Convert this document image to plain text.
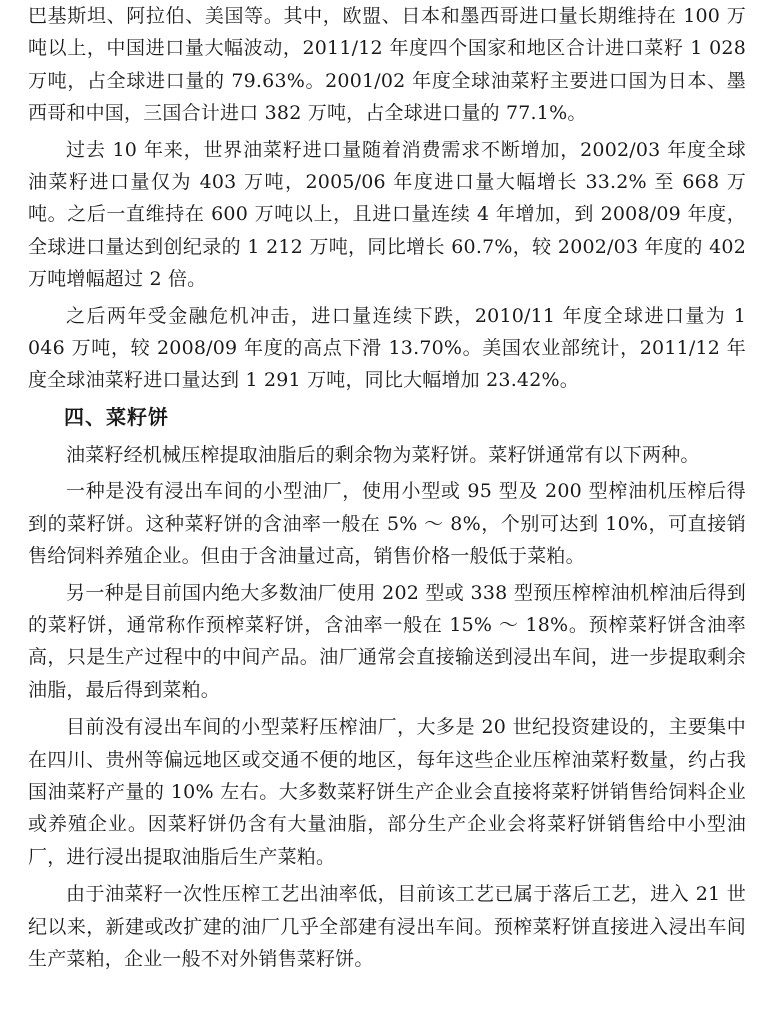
巴基斯坦、阿拉伯、美国等。其中，欧盟、日本和墨西哥进口量长期维持在 100 万吨以上，中国进口量大幅波动，2011/12 年度四个国家和地区合计进口菜籽 1 028 万吨，占全球进口量的 79.63%。2001/02 年度全球油菜籽主要进口国为日本、墨西哥和中国，三国合计进口 382 万吨，占全球进口量的 77.1%。

过去 10 年来，世界油菜籽进口量随着消费需求不断增加，2002/03 年度全球油菜籽进口量仅为 403 万吨，2005/06 年度进口量大幅增长 33.2% 至 668 万吨。之后一直维持在 600 万吨以上，且进口量连续 4 年增加，到 2008/09 年度，全球进口量达到创纪录的 1 212 万吨，同比增长 60.7%，较 2002/03 年度的 402 万吨增幅超过 2 倍。

之后两年受金融危机冲击，进口量连续下跌，2010/11 年度全球进口量为 1 046 万吨，较 2008/09 年度的高点下滑 13.70%。美国农业部统计，2011/12 年度全球油菜籽进口量达到 1 291 万吨，同比大幅增加 23.42%。

四、菜籽饼

油菜籽经机械压榨提取油脂后的剩余物为菜籽饼。菜籽饼通常有以下两种。

一种是没有浸出车间的小型油厂，使用小型或 95 型及 200 型榨油机压榨后得到的菜籽饼。这种菜籽饼的含油率一般在 5% ～ 8%，个别可达到 10%，可直接销售给饲料养殖企业。但由于含油量过高，销售价格一般低于菜粕。

另一种是目前国内绝大多数油厂使用 202 型或 338 型预压榨榨油机榨油后得到的菜籽饼，通常称作预榨菜籽饼，含油率一般在 15% ～ 18%。预榨菜籽饼含油率高，只是生产过程中的中间产品。油厂通常会直接输送到浸出车间，进一步提取剩余油脂，最后得到菜粕。

目前没有浸出车间的小型菜籽压榨油厂，大多是 20 世纪投资建设的，主要集中在四川、贵州等偏远地区或交通不便的地区，每年这些企业压榨油菜籽数量，约占我国油菜籽产量的 10% 左右。大多数菜籽饼生产企业会直接将菜籽饼销售给饲料企业或养殖企业。因菜籽饼仍含有大量油脂，部分生产企业会将菜籽饼销售给中小型油厂，进行浸出提取油脂后生产菜粕。

由于油菜籽一次性压榨工艺出油率低，目前该工艺已属于落后工艺，进入 21 世纪以来，新建或改扩建的油厂几乎全部建有浸出车间。预榨菜籽饼直接进入浸出车间生产菜粕，企业一般不对外销售菜籽饼。
